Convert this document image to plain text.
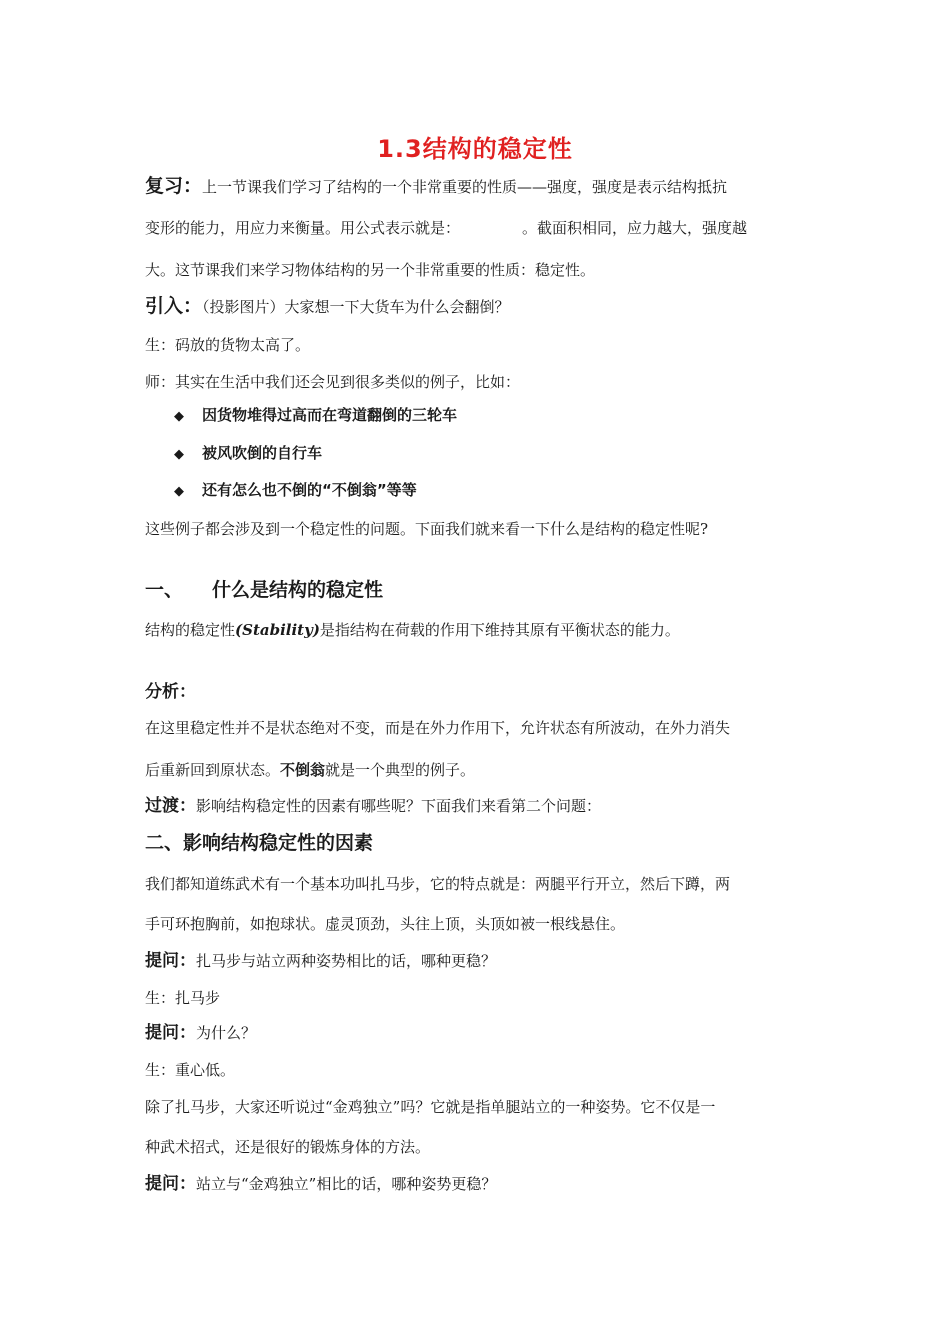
1.3结构的稳定性
复习：上一节课我们学习了结构的一个非常重要的性质——强度，强度是表示结构抵抗
变形的能力，用应力来衡量。用公式表示就是：	。截面积相同，应力越大，强度越
大。这节课我们来学习物体结构的另一个非常重要的性质：稳定性。
引入：（投影图片）大家想一下大货车为什么会翻倒？
生：码放的货物太高了。
师：其实在生活中我们还会见到很多类似的例子，比如：
◆ 因货物堆得过高而在弯道翻倒的三轮车
◆ 被风吹倒的自行车
◆ 还有怎么也不倒的“不倒翁”等等
这些例子都会涉及到一个稳定性的问题。下面我们就来看一下什么是结构的稳定性呢?
一、 什么是结构的稳定性
结构的稳定性(Stability)是指结构在荷载的作用下维持其原有平衡状态的能力。
分析：
在这里稳定性并不是状态绝对不变，而是在外力作用下，允许状态有所波动，在外力消失
后重新回到原状态。不倒翁就是一个典型的例子。
过渡：影响结构稳定性的因素有哪些呢？下面我们来看第二个问题：
二、影响结构稳定性的因素
我们都知道练武术有一个基本功叫扎马步，它的特点就是：两腿平行开立，然后下蹲，两
手可环抱胸前，如抱球状。虚灵顶劲，头往上顶，头顶如被一根线悬住。
提问：扎马步与站立两种姿势相比的话，哪种更稳？
生：扎马步
提问：为什么？
生：重心低。
除了扎马步，大家还听说过“金鸡独立”吗？它就是指单腿站立的一种姿势。它不仅是一
种武术招式，还是很好的锻炼身体的方法。
提问：站立与“金鸡独立”相比的话，哪种姿势更稳？
